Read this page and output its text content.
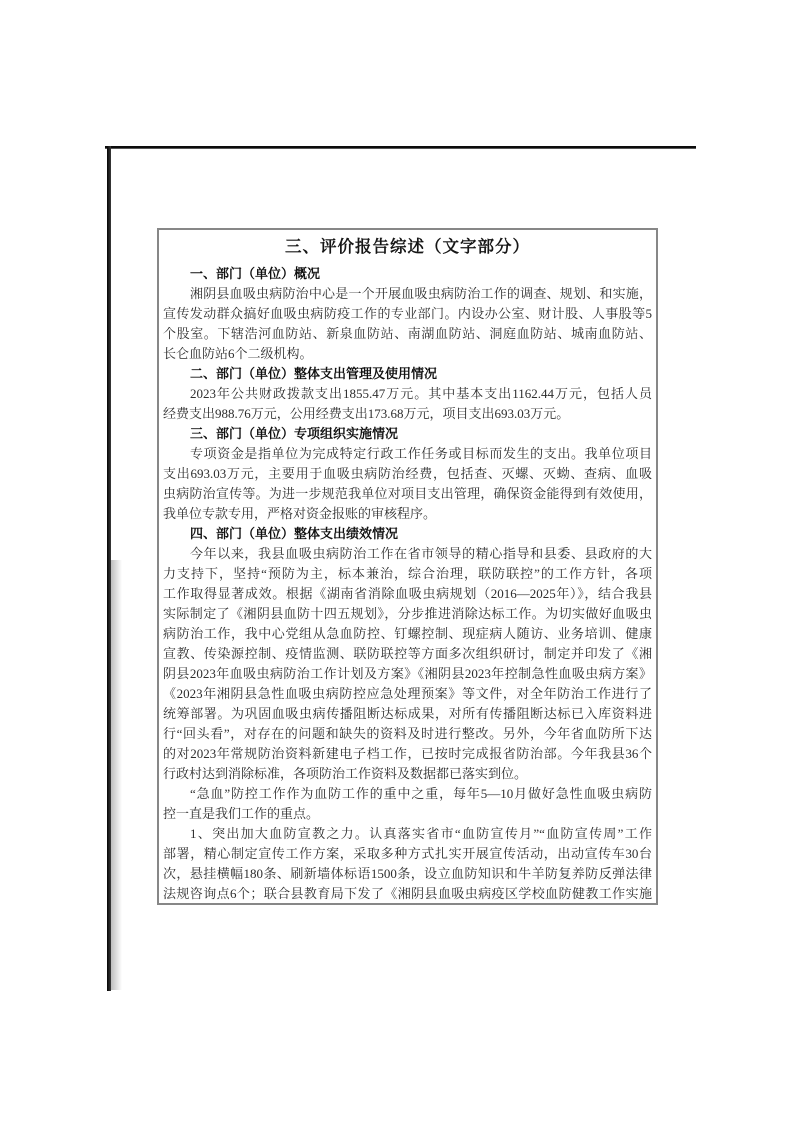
三、评价报告综述（文字部分）
一、部门（单位）概况
湘阴县血吸虫病防治中心是一个开展血吸虫病防治工作的调查、规划、和实施，
宣传发动群众搞好血吸虫病防疫工作的专业部门。内设办公室、财计股、人事股等5
个股室。下辖浩河血防站、新泉血防站、南湖血防站、洞庭血防站、城南血防站、
长仑血防站6个二级机构。
二、部门（单位）整体支出管理及使用情况
2023年公共财政拨款支出1855.47万元。其中基本支出1162.44万元，包括人员
经费支出988.76万元，公用经费支出173.68万元，项目支出693.03万元。
三、部门（单位）专项组织实施情况
专项资金是指单位为完成特定行政工作任务或目标而发生的支出。我单位项目
支出693.03万元，主要用于血吸虫病防治经费，包括查、灭螺、灭蚴、查病、血吸
虫病防治宣传等。为进一步规范我单位对项目支出管理，确保资金能得到有效使用，
我单位专款专用，严格对资金报账的审核程序。
四、部门（单位）整体支出绩效情况
今年以来，我县血吸虫病防治工作在省市领导的精心指导和县委、县政府的大
力支持下，坚持“预防为主，标本兼治，综合治理，联防联控”的工作方针，各项
工作取得显著成效。根据《湖南省消除血吸虫病规划（2016—2025年）》，结合我县
实际制定了《湘阴县血防十四五规划》，分步推进消除达标工作。为切实做好血吸虫
病防治工作，我中心党组从急血防控、钉螺控制、现症病人随访、业务培训、健康
宣教、传染源控制、疫情监测、联防联控等方面多次组织研讨，制定并印发了《湘
阴县2023年血吸虫病防治工作计划及方案》《湘阴县2023年控制急性血吸虫病方案》
《2023年湘阴县急性血吸虫病防控应急处理预案》等文件，对全年防治工作进行了
统筹部署。为巩固血吸虫病传播阻断达标成果，对所有传播阻断达标已入库资料进
行“回头看”，对存在的问题和缺失的资料及时进行整改。另外，今年省血防所下达
的对2023年常规防治资料新建电子档工作，已按时完成报省防治部。今年我县36个
行政村达到消除标准，各项防治工作资料及数据都已落实到位。
“急血”防控工作作为血防工作的重中之重，每年5—10月做好急性血吸虫病防
控一直是我们工作的重点。
1、突出加大血防宣教之力。认真落实省市“血防宣传月”“血防宣传周”工作
部署，精心制定宣传工作方案，采取多种方式扎实开展宣传活动，出动宣传车30台
次，悬挂横幅180条、刷新墙体标语1500条，设立血防知识和牛羊防复养防反弹法律
法规咨询点6个；联合县教育局下发了《湘阴县血吸虫病疫区学校血防健教工作实施
